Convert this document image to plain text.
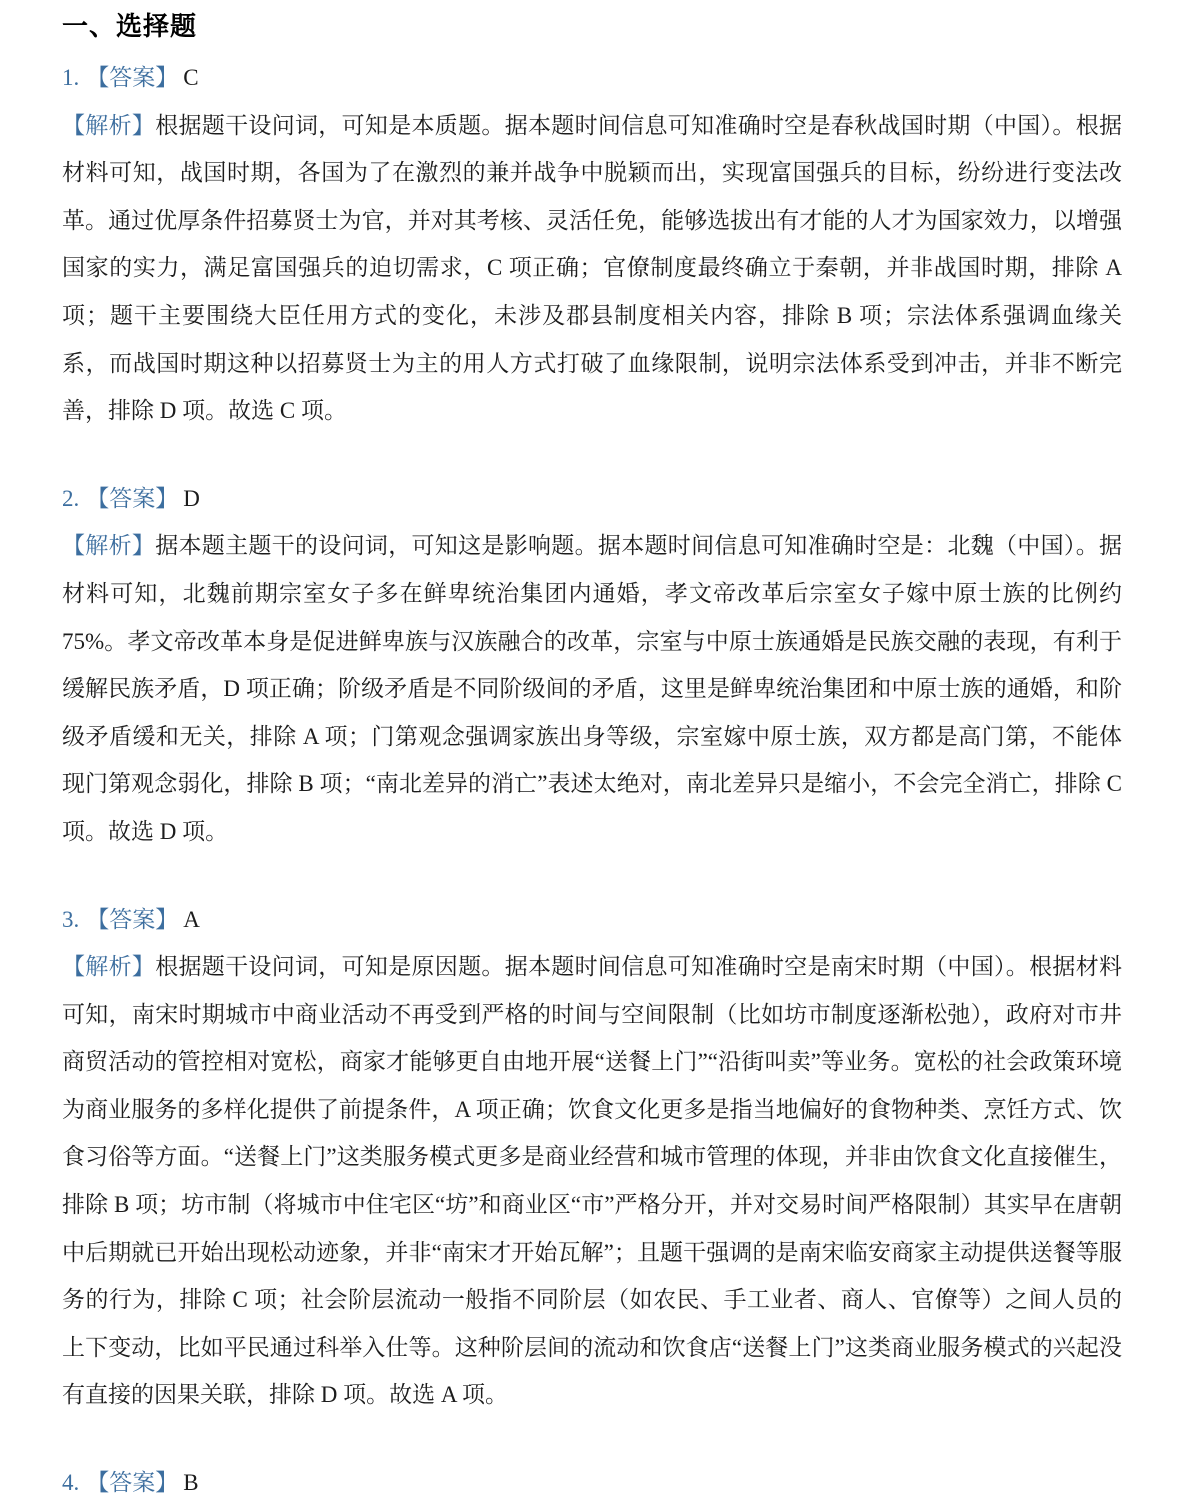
一、选择题

1. 【答案】 C

【解析】根据题干设问词，可知是本质题。据本题时间信息可知准确时空是春秋战国时期（中国）。根据材料可知，战国时期，各国为了在激烈的兼并战争中脱颖而出，实现富国强兵的目标，纷纷进行变法改革。通过优厚条件招募贤士为官，并对其考核、灵活任免，能够选拔出有才能的人才为国家效力，以增强国家的实力，满足富国强兵的迫切需求，C 项正确；官僚制度最终确立于秦朝，并非战国时期，排除 A 项；题干主要围绕大臣任用方式的变化，未涉及郡县制度相关内容，排除 B 项；宗法体系强调血缘关系，而战国时期这种以招募贤士为主的用人方式打破了血缘限制，说明宗法体系受到冲击，并非不断完善，排除 D 项。故选 C 项。

2. 【答案】 D

【解析】据本题主题干的设问词，可知这是影响题。据本题时间信息可知准确时空是：北魏（中国）。据材料可知，北魏前期宗室女子多在鲜卑统治集团内通婚，孝文帝改革后宗室女子嫁中原士族的比例约 75%。孝文帝改革本身是促进鲜卑族与汉族融合的改革，宗室与中原士族通婚是民族交融的表现，有利于缓解民族矛盾，D 项正确；阶级矛盾是不同阶级间的矛盾，这里是鲜卑统治集团和中原士族的通婚，和阶级矛盾缓和无关，排除 A 项；门第观念强调家族出身等级，宗室嫁中原士族，双方都是高门第，不能体现门第观念弱化，排除 B 项；“南北差异的消亡”表述太绝对，南北差异只是缩小，不会完全消亡，排除 C 项。故选 D 项。

3. 【答案】 A

【解析】根据题干设问词，可知是原因题。据本题时间信息可知准确时空是南宋时期（中国）。根据材料可知，南宋时期城市中商业活动不再受到严格的时间与空间限制（比如坊市制度逐渐松弛），政府对市井商贸活动的管控相对宽松，商家才能够更自由地开展“送餐上门”“沿街叫卖”等业务。宽松的社会政策环境为商业服务的多样化提供了前提条件，A 项正确；饮食文化更多是指当地偏好的食物种类、烹饪方式、饮食习俗等方面。“送餐上门”这类服务模式更多是商业经营和城市管理的体现，并非由饮食文化直接催生，排除 B 项；坊市制（将城市中住宅区“坊”和商业区“市”严格分开，并对交易时间严格限制）其实早在唐朝中后期就已开始出现松动迹象，并非“南宋才开始瓦解”；且题干强调的是南宋临安商家主动提供送餐等服务的行为，排除 C 项；社会阶层流动一般指不同阶层（如农民、手工业者、商人、官僚等）之间人员的上下变动，比如平民通过科举入仕等。这种阶层间的流动和饮食店“送餐上门”这类商业服务模式的兴起没有直接的因果关联，排除 D 项。故选 A 项。

4. 【答案】 B
